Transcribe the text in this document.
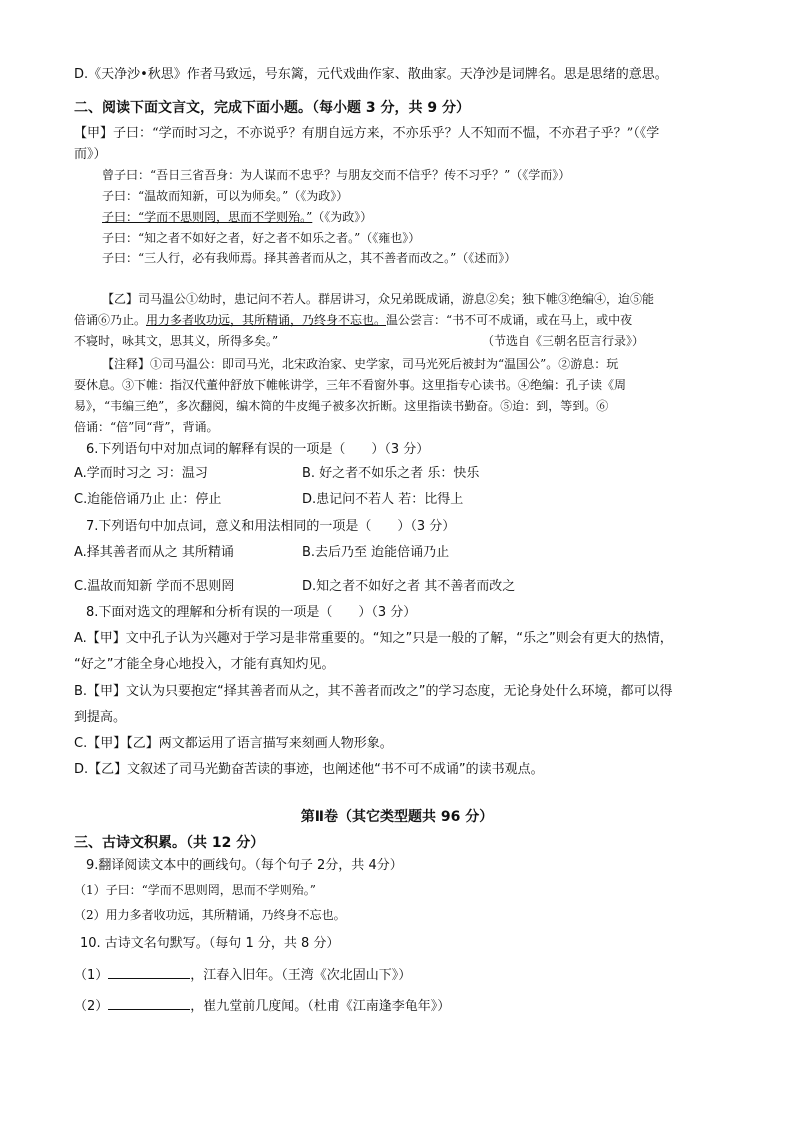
D.《天净沙•秋思》作者马致远，号东篱，元代戏曲作家、散曲家。天净沙是词牌名。思是思绪的意思。
二、阅读下面文言文，完成下面小题。（每小题 3 分，共 9 分）
【甲】子曰：“学而时习之，不亦说乎？有朋自远方来，不亦乐乎？人不知而不愠，不亦君子乎？”（《学
而》）
曾子曰：“吾日三省吾身：为人谋而不忠乎？与朋友交而不信乎？传不习乎？”（《学而》）
子曰：“温故而知新，可以为师矣。”（《为政》）
子曰：“学而不思则罔，思而不学则殆。”（《为政》）
子曰：“知之者不如好之者，好之者不如乐之者。”（《雍也》）
子曰：“三人行，必有我师焉。择其善者而从之，其不善者而改之。”（《述而》）
【乙】司马温公①幼时，患记问不若人。群居讲习，众兄弟既成诵，游息②矣；独下帷③绝编④，迨⑤能
倍诵⑥乃止。用力多者收功远，其所精诵，乃终身不忘也。温公尝言：“书不可不成诵，或在马上，或中夜
不寝时，咏其文，思其义，所得多矣。”	（节选自《三朝名臣言行录》）
【注释】①司马温公：即司马光，北宋政治家、史学家，司马光死后被封为“温国公”。②游息：玩
耍休息。③下帷：指汉代董仲舒放下帷帐讲学，三年不看窗外事。这里指专心读书。④绝编：孔子读《周
易》，“韦编三绝”，多次翻阅，编木简的牛皮绳子被多次折断。这里指读书勤奋。⑤迨：到，等到。⑥
倍诵：“倍”同“背”，背诵。
6.下列语句中对加点词的解释有误的一项是（　　）（3 分）
A.学而时习之 习：温习	B. 好之者不如乐之者 乐：快乐
C.迨能倍诵乃止 止：停止	D.患记问不若人 若：比得上
7.下列语句中加点词，意义和用法相同的一项是（　　）（3 分）
A.择其善者而从之 其所精诵	B.去后乃至 迨能倍诵乃止
C.温故而知新 学而不思则罔	D.知之者不如好之者 其不善者而改之
8.下面对选文的理解和分析有误的一项是（　　）（3 分）
A.【甲】文中孔子认为兴趣对于学习是非常重要的。“知之”只是一般的了解，“乐之”则会有更大的热情，
“好之”才能全身心地投入，才能有真知灼见。
B.【甲】文认为只要抱定“择其善者而从之，其不善者而改之”的学习态度，无论身处什么环境，都可以得
到提高。
C.【甲】【乙】两文都运用了语言描写来刻画人物形象。
D.【乙】文叙述了司马光勤奋苦读的事迹，也阐述他“书不可不成诵”的读书观点。
第Ⅱ卷（其它类型题共 96 分）
三、古诗文积累。（共 12 分）
9.翻译阅读文本中的画线句。（每个句子 2分，共 4分）
（1）子曰：“学而不思则罔，思而不学则殆。”
（2）用力多者收功远，其所精诵，乃终身不忘也。
10. 古诗文名句默写。（每句 1 分，共 8 分）
（1）	，江春入旧年。（王湾《次北固山下》）
（2）	，崔九堂前几度闻。（杜甫《江南逢李龟年》）
